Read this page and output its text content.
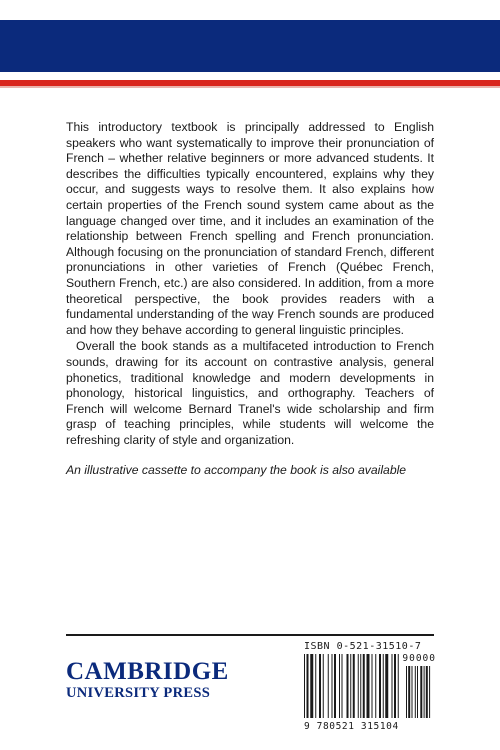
This introductory textbook is principally addressed to English speakers who want systematically to improve their pronunciation of French – whether relative beginners or more advanced students. It describes the difficulties typically encountered, explains why they occur, and suggests ways to resolve them. It also explains how certain properties of the French sound system came about as the language changed over time, and it includes an examination of the relationship between French spelling and French pronunciation. Although focusing on the pronunciation of standard French, different pronunciations in other varieties of French (Québec French, Southern French, etc.) are also considered. In addition, from a more theoretical perspective, the book provides readers with a fundamental understanding of the way French sounds are produced and how they behave according to general linguistic principles.

Overall the book stands as a multifaceted introduction to French sounds, drawing for its account on contrastive analysis, general phonetics, traditional knowledge and modern developments in phonology, historical linguistics, and orthography. Teachers of French will welcome Bernard Tranel's wide scholarship and firm grasp of teaching principles, while students will welcome the refreshing clarity of style and organization.

An illustrative cassette to accompany the book is also available

CAMBRIDGE
UNIVERSITY PRESS
ISBN 0-521-31510-7
90000
9 780521 315104
